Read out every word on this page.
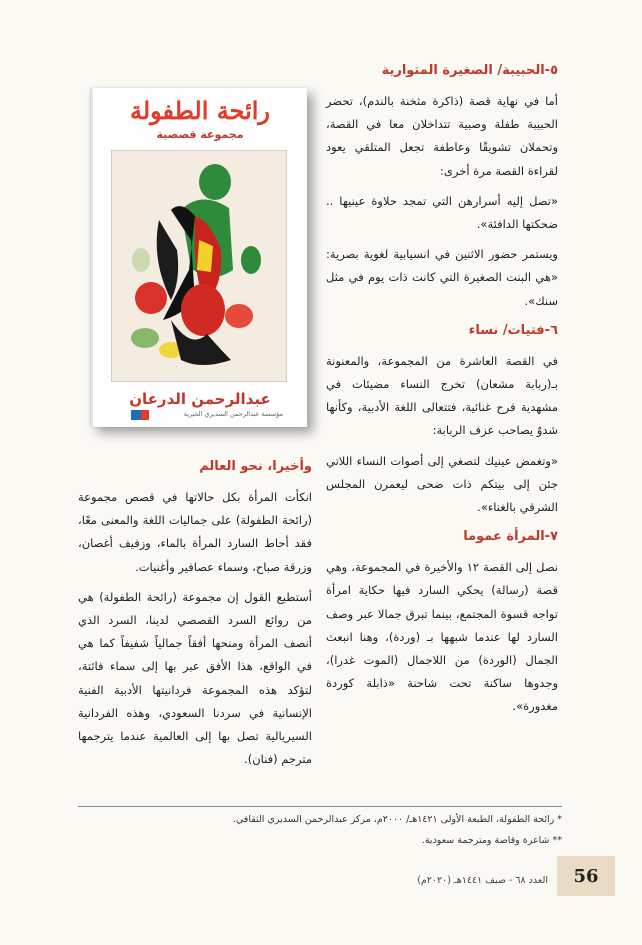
٥-الحبيبة/ الصغيرة المتوارية

أما في نهاية قصة (ذاكرة مثخنة بالندم)، تحضر الحبيبة طفلة وصبية تتداخلان معا في القصة، وتحملان تشويقًا وعاطفة تجعل المتلقي يعود لقراءة القصة مرة أخرى:

«تصل إليه أسرارهن التي تمجد حلاوة عينيها .. ضحكتها الدافئة».

ويستمر حضور الاثنين في انسيابية لغوية بصرية: «هي البنت الصغيرة التي كانت ذات يوم في مثل سنك».

٦-فتيات/ نساء

في القصة العاشرة من المجموعة، والمعنونة بـ(ربابة مشعان) تخرج النساء مضيئات في مشهدية فرح غنائية، فتتعالى اللغة الأدبية، وكأنها شدوٌ يصاحب عزف الربابة:

«وتغمض عينيك لتصغي إلى أصوات النساء اللاتي جئن إلى بيتكم ذات ضحى ليعمرن المجلس الشرقي بالغناء».

٧-المرأة عموما

نصل إلى القصة ١٢ والأخيرة في المجموعة، وهي قصة (رسالة) يحكي السارد فيها حكاية امرأة تواجه قسوة المجتمع، بينما تبرق جمالا عبر وصف السارد لها عندما شبهها بـ (وردة)، وهنا انبعث الجمال (الوردة) من اللاجمال (الموت غدرا)، وجدوها ساكنة تحت شاحنة «ذابلة كوردة مغدورة».

رائحة الطفولة
مجموعة قصصية
عبدالرحمن الدرعان
مؤسسة عبدالرحمن السديري الخيرية
وأخيرا، نحو العالم

انكأت المرأة بكل حالاتها في قصص مجموعة (رائحة الطفولة) على جماليات اللغة والمعنى معًا، فقد أحاط السارد المرأة بالماء، وزفيف أغصان، وزرقة صباح، وسماء عصافير وأغنيات.

أستطيع القول إن مجموعة (رائحة الطفولة) هي من روائع السرد القصصي لدينا، السرد الذي أنصف المرأة ومنحها أفقاً جمالياً شفيفاً كما هي في الواقع، هذا الأفق عبر بها إلى سماء فائتة، لتؤكد هذه المجموعة فردانيتها الأدبية الفنية الإنسانية في سردنا السعودي، وهذه الفردانية السيريالية تصل بها إلى العالمية عندما يترجمها مترجم (فنان).

* رائحة الطفولة، الطبعة الأولى ١٤٢١هـ/ ٢٠٠٠م، مركز عبدالرحمن السديري الثقافي.
** شاعرة وقاصة ومترجمة سعودية.
56
العدد ٦٨ - صيف ١٤٤١هـ (٢٠٢٠م)
